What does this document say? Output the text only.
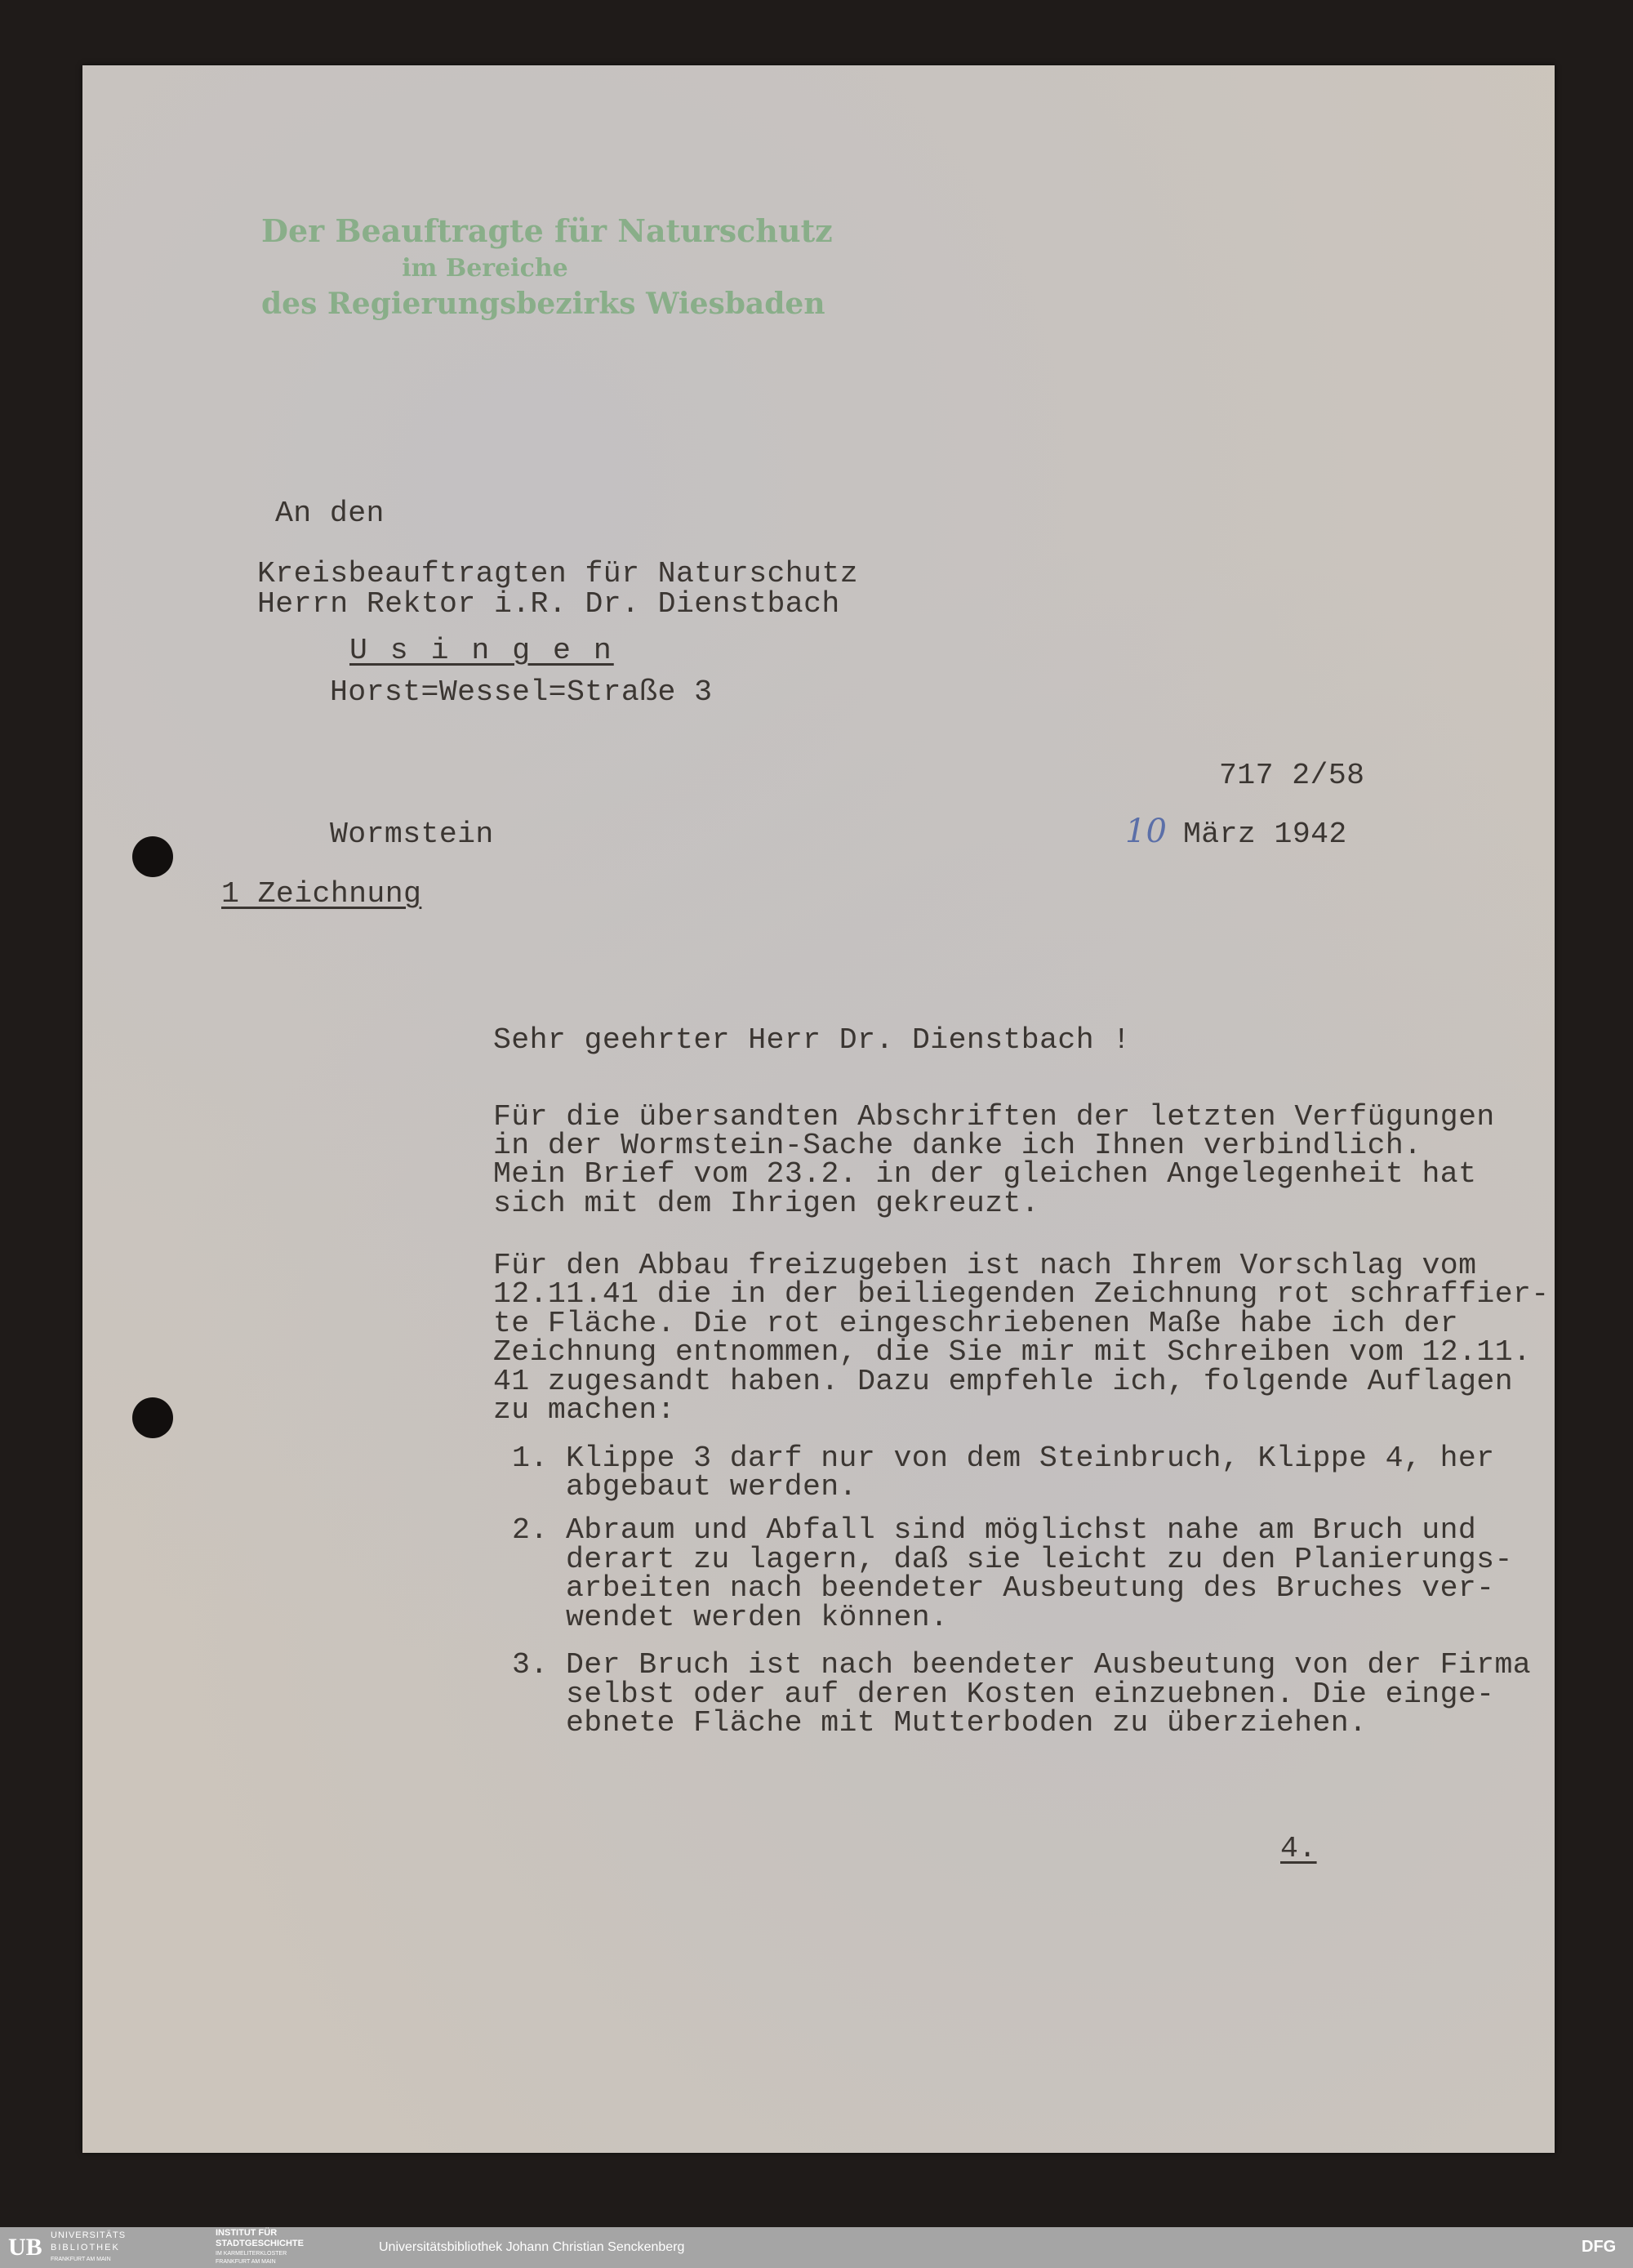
Der Beauftragte für Naturschutz
im Bereiche
des Regierungsbezirks Wiesbaden
An den
Kreisbeauftragten für Naturschutz
Herrn Rektor i.R. Dr. Dienstbach
U s i n g e n
Horst=Wessel=Straße 3
717 2/58
Wormstein	10 März 1942
1 Zeichnung
Sehr geehrter Herr Dr. Dienstbach !
Für die übersandten Abschriften der letzten Verfügungen
in der Wormstein-Sache danke ich Ihnen verbindlich.
Mein Brief vom 23.2. in der gleichen Angelegenheit hat
sich mit dem Ihrigen gekreuzt.
Für den Abbau freizugeben ist nach Ihrem Vorschlag vom
12.11.41 die in der beiliegenden Zeichnung rot schraffier-
te Fläche. Die rot eingeschriebenen Maße habe ich der
Zeichnung entnommen, die Sie mir mit Schreiben vom 12.11.
41 zugesandt haben. Dazu empfehle ich, folgende Auflagen
zu machen:
1. Klippe 3 darf nur von dem Steinbruch, Klippe 4, her
abgebaut werden.
2. Abraum und Abfall sind möglichst nahe am Bruch und
derart zu lagern, daß sie leicht zu den Planierungs-
arbeiten nach beendeter Ausbeutung des Bruches ver-
wendet werden können.
3. Der Bruch ist nach beendeter Ausbeutung von der Firma
selbst oder auf deren Kosten einzuebnen. Die einge-
ebnete Fläche mit Mutterboden zu überziehen.
4.
UB UNIVERSITÄTS
BIBLIOTHEK
FRANKFURT AM MAIN
INSTITUT FÜR
STADTGESCHICHTE
IM KARMELITERKLOSTER
FRANKFURT AM MAIN
Universitätsbibliothek Johann Christian Senckenberg	DFG
